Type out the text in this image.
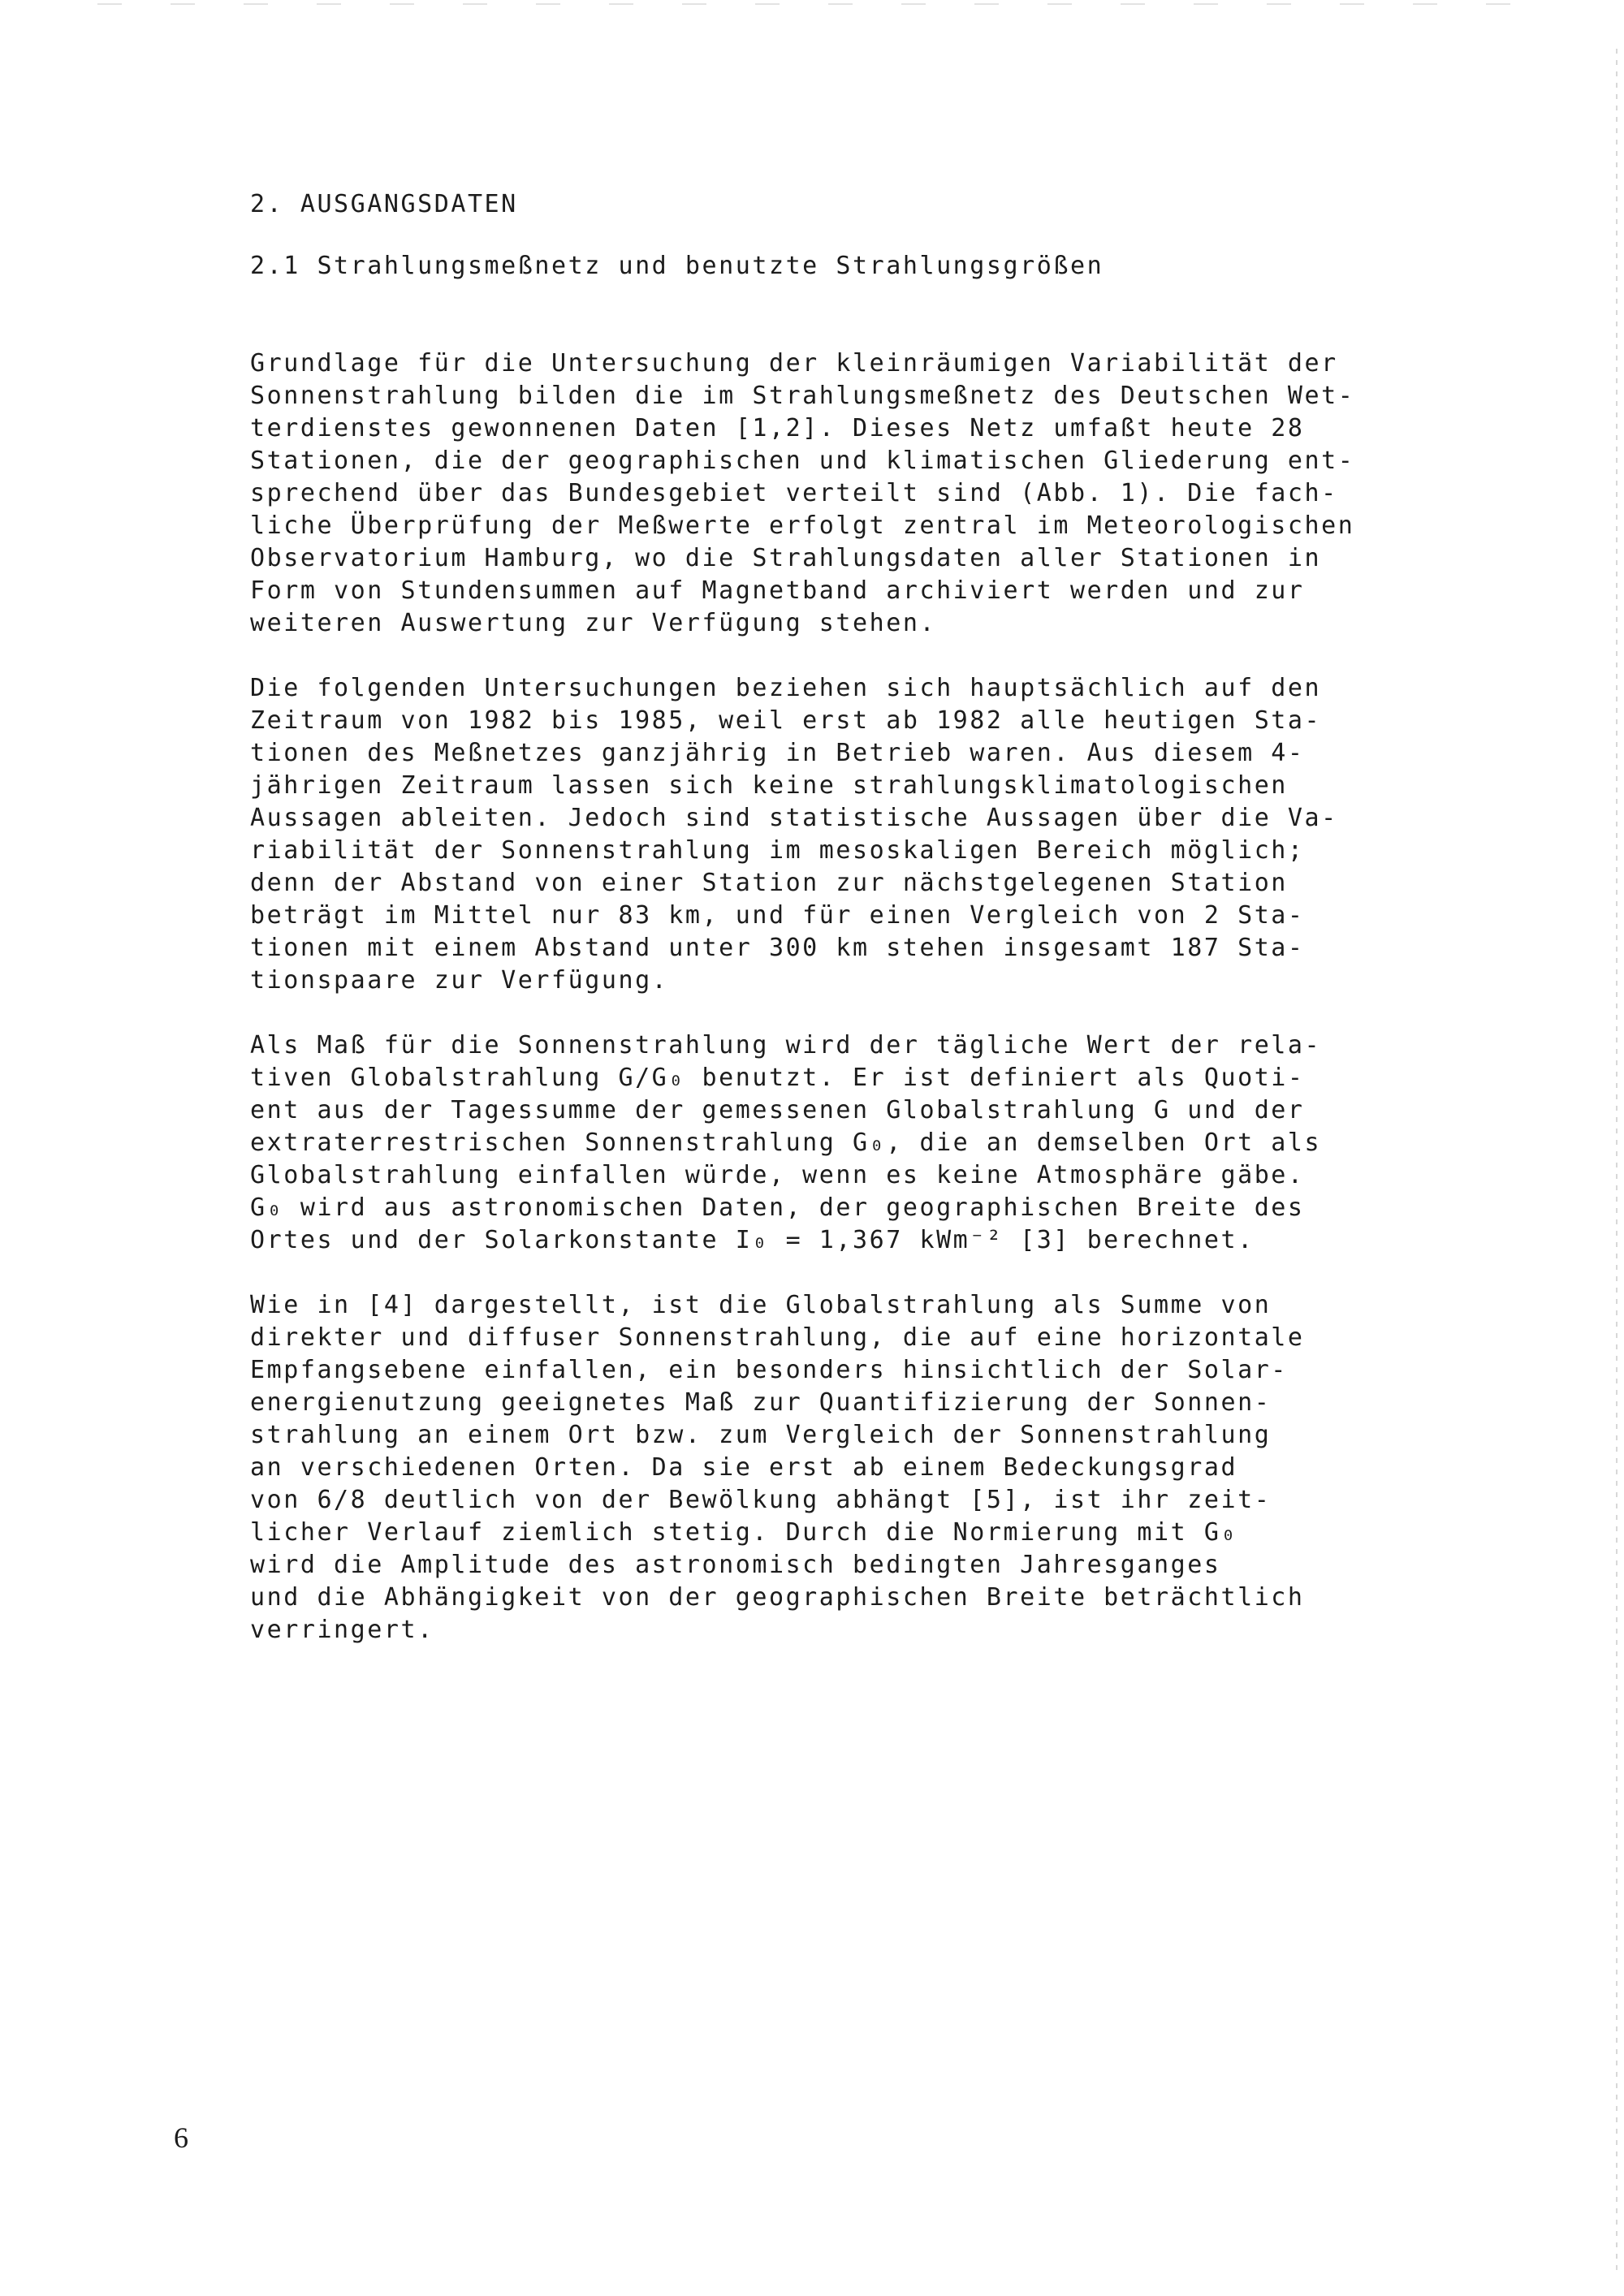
2. AUSGANGSDATEN
2.1 Strahlungsmeßnetz und benutzte Strahlungsgrößen
Grundlage für die Untersuchung der kleinräumigen Variabilität der
Sonnenstrahlung bilden die im Strahlungsmeßnetz des Deutschen Wet-
terdienstes gewonnenen Daten [1,2]. Dieses Netz umfaßt heute 28
Stationen, die der geographischen und klimatischen Gliederung ent-
sprechend über das Bundesgebiet verteilt sind (Abb. 1). Die fach-
liche Überprüfung der Meßwerte erfolgt zentral im Meteorologischen
Observatorium Hamburg, wo die Strahlungsdaten aller Stationen in
Form von Stundensummen auf Magnetband archiviert werden und zur
weiteren Auswertung zur Verfügung stehen.
Die folgenden Untersuchungen beziehen sich hauptsächlich auf den
Zeitraum von 1982 bis 1985, weil erst ab 1982 alle heutigen Sta-
tionen des Meßnetzes ganzjährig in Betrieb waren. Aus diesem 4-
jährigen Zeitraum lassen sich keine strahlungsklimatologischen
Aussagen ableiten. Jedoch sind statistische Aussagen über die Va-
riabilität der Sonnenstrahlung im mesoskaligen Bereich möglich;
denn der Abstand von einer Station zur nächstgelegenen Station
beträgt im Mittel nur 83 km, und für einen Vergleich von 2 Sta-
tionen mit einem Abstand unter 300 km stehen insgesamt 187 Sta-
tionspaare zur Verfügung.
Als Maß für die Sonnenstrahlung wird der tägliche Wert der rela-
tiven Globalstrahlung G/G₀ benutzt. Er ist definiert als Quoti-
ent aus der Tagessumme der gemessenen Globalstrahlung G und der
extraterrestrischen Sonnenstrahlung G₀, die an demselben Ort als
Globalstrahlung einfallen würde, wenn es keine Atmosphäre gäbe.
G₀ wird aus astronomischen Daten, der geographischen Breite des
Ortes und der Solarkonstante I₀ = 1,367 kWm⁻² [3] berechnet.
Wie in [4] dargestellt, ist die Globalstrahlung als Summe von
direkter und diffuser Sonnenstrahlung, die auf eine horizontale
Empfangsebene einfallen, ein besonders hinsichtlich der Solar-
energienutzung geeignetes Maß zur Quantifizierung der Sonnen-
strahlung an einem Ort bzw. zum Vergleich der Sonnenstrahlung
an verschiedenen Orten. Da sie erst ab einem Bedeckungsgrad
von 6/8 deutlich von der Bewölkung abhängt [5], ist ihr zeit-
licher Verlauf ziemlich stetig. Durch die Normierung mit G₀
wird die Amplitude des astronomisch bedingten Jahresganges
und die Abhängigkeit von der geographischen Breite beträchtlich
verringert.
6
